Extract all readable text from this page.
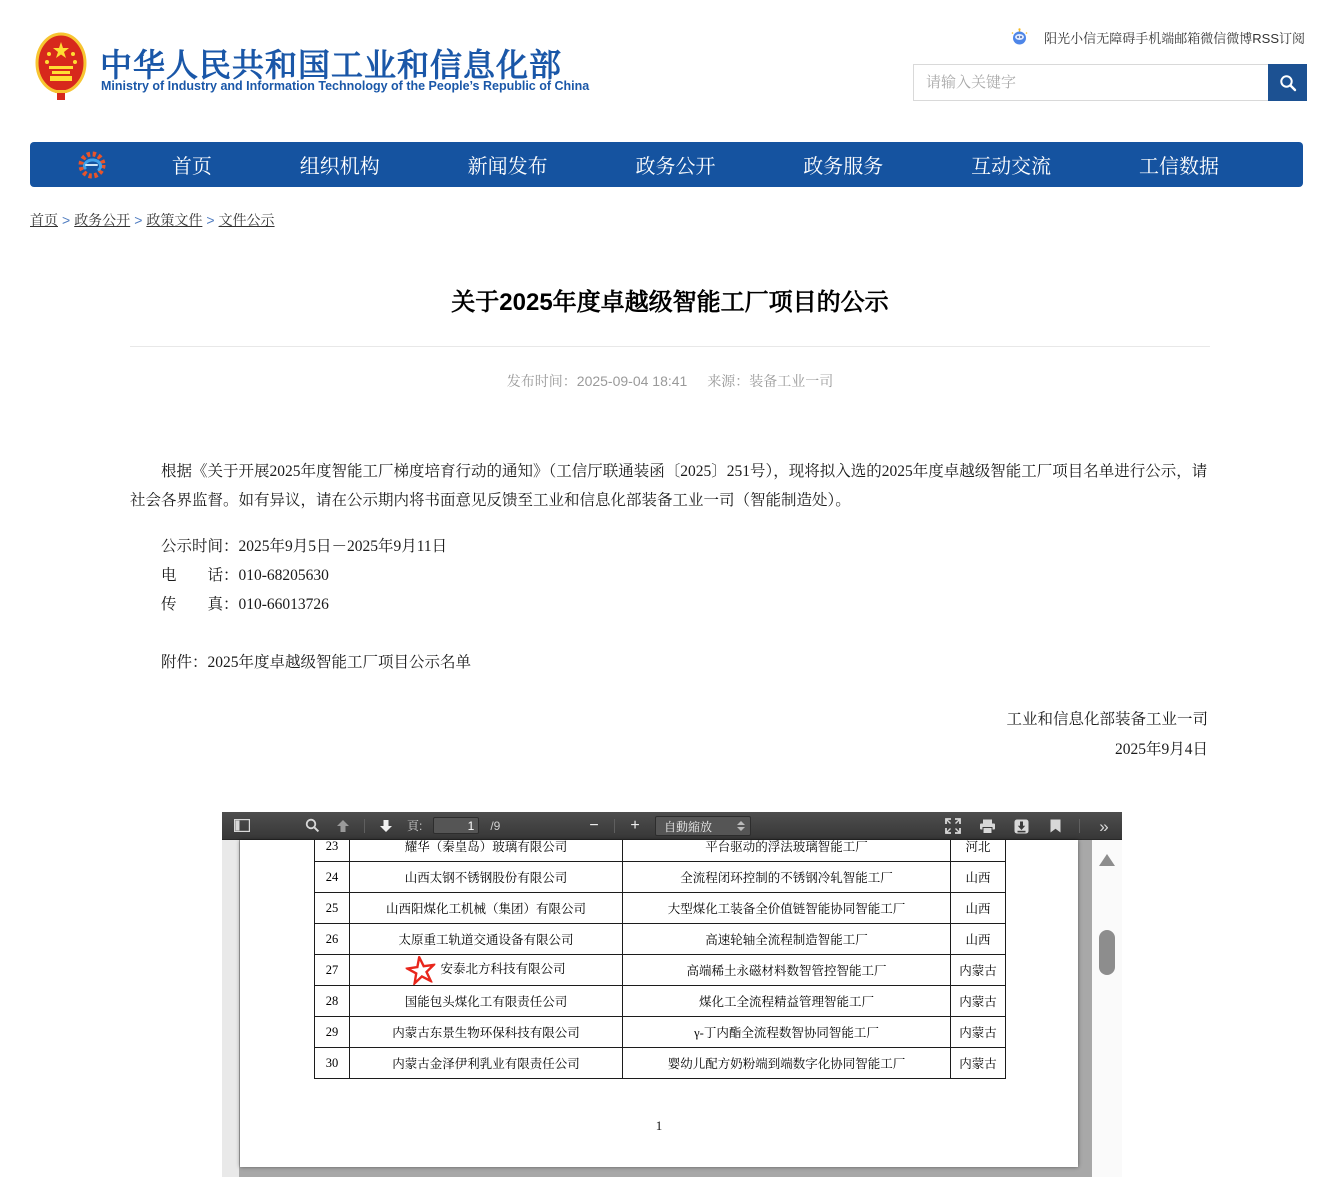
中华人民共和国工业和信息化部
Ministry of Industry and Information Technology of the People’s Republic of China
阳光小信无障碍手机端邮箱微信微博RSS订阅
请输入关键字
首页	组织机构	新闻发布	政务公开	政务服务	互动交流	工信数据
首页 > 政务公开 > 政策文件 > 文件公示
关于2025年度卓越级智能工厂项目的公示
发布时间：2025-09-04 18:41 来源：装备工业一司

根据《关于开展2025年度智能工厂梯度培育行动的通知》（工信厅联通装函〔2025〕251号），现将拟入选的2025年度卓越级智能工厂项目名单进行公示，请社会各界监督。如有异议，请在公示期内将书面意见反馈至工业和信息化部装备工业一司（智能制造处）。

公示时间：2025年9月5日－2025年9月11日

电　　话：010-68205630

传　　真：010-66013726

附件：2025年度卓越级智能工厂项目公示名单

工业和信息化部装备工业一司
2025年9月4日
頁:
1	/9	−	+	自動縮放	»
23	耀华（秦皇岛）玻璃有限公司	平台驱动的浮法玻璃智能工厂	河北
24	山西太钢不锈钢股份有限公司	全流程闭环控制的不锈钢冷轧智能工厂	山西
25	山西阳煤化工机械（集团）有限公司	大型煤化工装备全价值链智能协同智能工厂	山西
26	太原重工轨道交通设备有限公司	高速轮轴全流程制造智能工厂	山西
27	安泰北方科技有限公司	高端稀土永磁材料数智管控智能工厂	内蒙古
28	国能包头煤化工有限责任公司	煤化工全流程精益管理智能工厂	内蒙古
29	内蒙古东景生物环保科技有限公司	γ-丁内酯全流程数智协同智能工厂	内蒙古
30	内蒙古金泽伊利乳业有限责任公司	婴幼儿配方奶粉端到端数字化协同智能工厂	内蒙古
1
